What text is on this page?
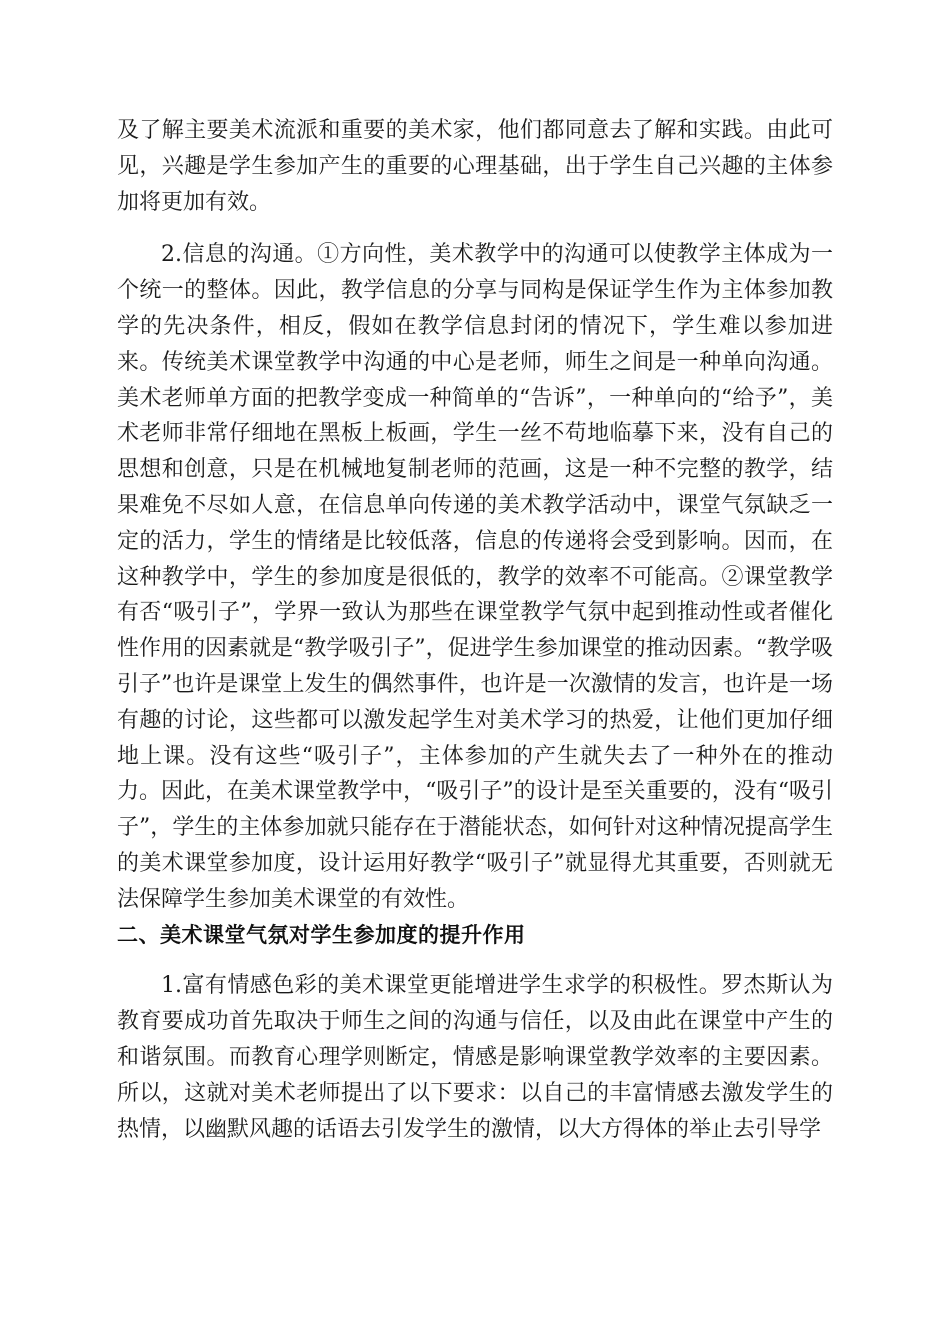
及了解主要美术流派和重要的美术家，他们都同意去了解和实践。由此可见，兴趣是学生参加产生的重要的心理基础，出于学生自己兴趣的主体参加将更加有效。

2.信息的沟通。①方向性，美术教学中的沟通可以使教学主体成为一个统一的整体。因此，教学信息的分享与同构是保证学生作为主体参加教学的先决条件，相反，假如在教学信息封闭的情况下，学生难以参加进来。传统美术课堂教学中沟通的中心是老师，师生之间是一种单向沟通。美术老师单方面的把教学变成一种简单的“告诉”，一种单向的“给予”，美术老师非常仔细地在黑板上板画，学生一丝不苟地临摹下来，没有自己的思想和创意，只是在机械地复制老师的范画，这是一种不完整的教学，结果难免不尽如人意，在信息单向传递的美术教学活动中，课堂气氛缺乏一定的活力，学生的情绪是比较低落，信息的传递将会受到影响。因而，在这种教学中，学生的参加度是很低的，教学的效率不可能高。②课堂教学有否“吸引子”，学界一致认为那些在课堂教学气氛中起到推动性或者催化性作用的因素就是“教学吸引子”，促进学生参加课堂的推动因素。“教学吸引子”也许是课堂上发生的偶然事件，也许是一次激情的发言，也许是一场有趣的讨论，这些都可以激发起学生对美术学习的热爱，让他们更加仔细地上课。没有这些“吸引子”，主体参加的产生就失去了一种外在的推动力。因此，在美术课堂教学中，“吸引子”的设计是至关重要的，没有“吸引子”，学生的主体参加就只能存在于潜能状态，如何针对这种情况提高学生的美术课堂参加度，设计运用好教学“吸引子”就显得尤其重要，否则就无法保障学生参加美术课堂的有效性。

二、美术课堂气氛对学生参加度的提升作用

1.富有情感色彩的美术课堂更能增进学生求学的积极性。罗杰斯认为教育要成功首先取决于师生之间的沟通与信任，以及由此在课堂中产生的和谐氛围。而教育心理学则断定，情感是影响课堂教学效率的主要因素。所以，这就对美术老师提出了以下要求：以自己的丰富情感去激发学生的热情，以幽默风趣的话语去引发学生的激情，以大方得体的举止去引导学
